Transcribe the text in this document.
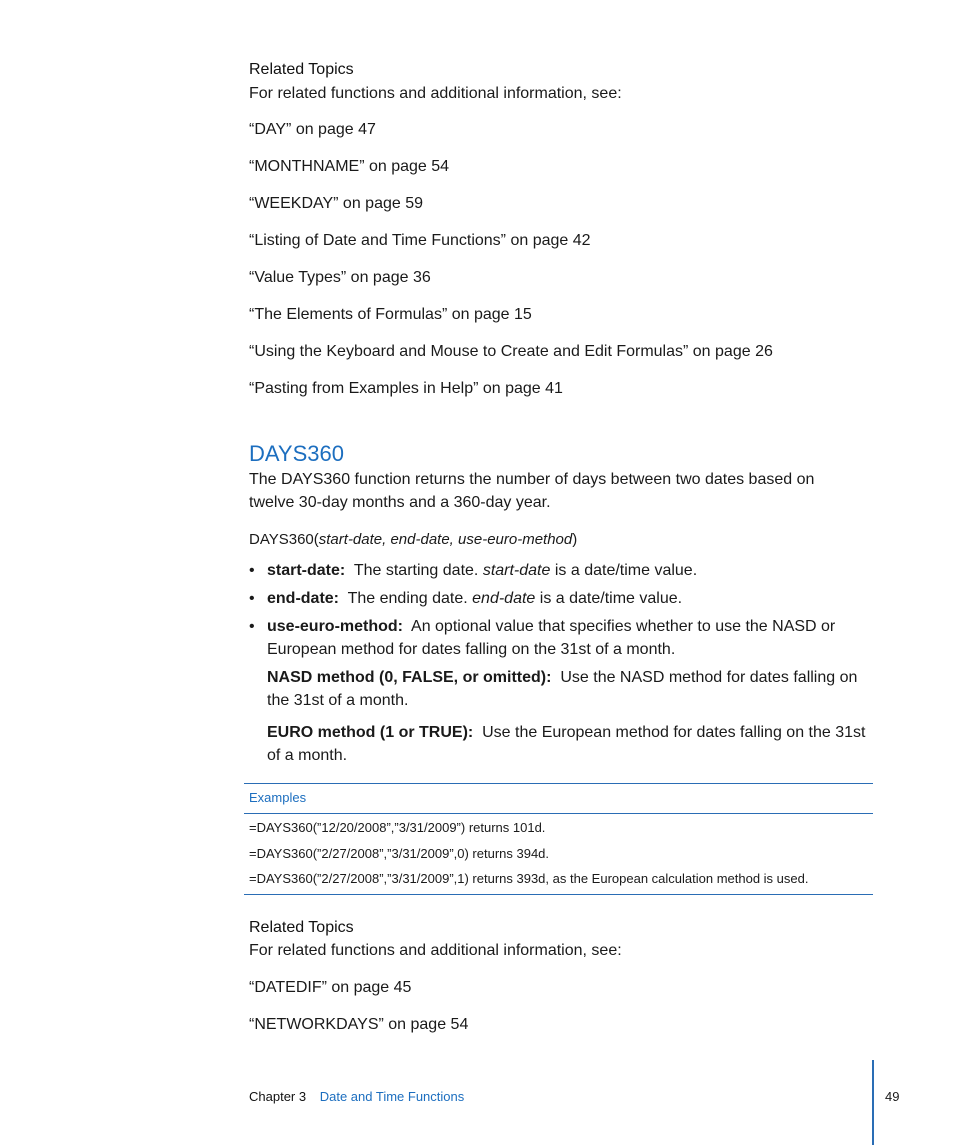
Related Topics
For related functions and additional information, see:
“DAY” on page 47
“MONTHNAME” on page 54
“WEEKDAY” on page 59
“Listing of Date and Time Functions” on page 42
“Value Types” on page 36
“The Elements of Formulas” on page 15
“Using the Keyboard and Mouse to Create and Edit Formulas” on page 26
“Pasting from Examples in Help” on page 41
DAYS360
The DAYS360 function returns the number of days between two dates based on twelve 30-day months and a 360-day year.
DAYS360(start-date, end-date, use-euro-method)
• start-date: The starting date. start-date is a date/time value.
• end-date: The ending date. end-date is a date/time value.
• use-euro-method: An optional value that specifies whether to use the NASD or European method for dates falling on the 31st of a month.
NASD method (0, FALSE, or omitted): Use the NASD method for dates falling on the 31st of a month.
EURO method (1 or TRUE): Use the European method for dates falling on the 31st of a month.
Examples
=DAYS360(”12/20/2008”,”3/31/2009”) returns 101d.
=DAYS360(”2/27/2008”,”3/31/2009”,0) returns 394d.
=DAYS360(”2/27/2008”,”3/31/2009”,1) returns 393d, as the European calculation method is used.
Related Topics
For related functions and additional information, see:
“DATEDIF” on page 45
“NETWORKDAYS” on page 54
Chapter 3 Date and Time Functions	49
